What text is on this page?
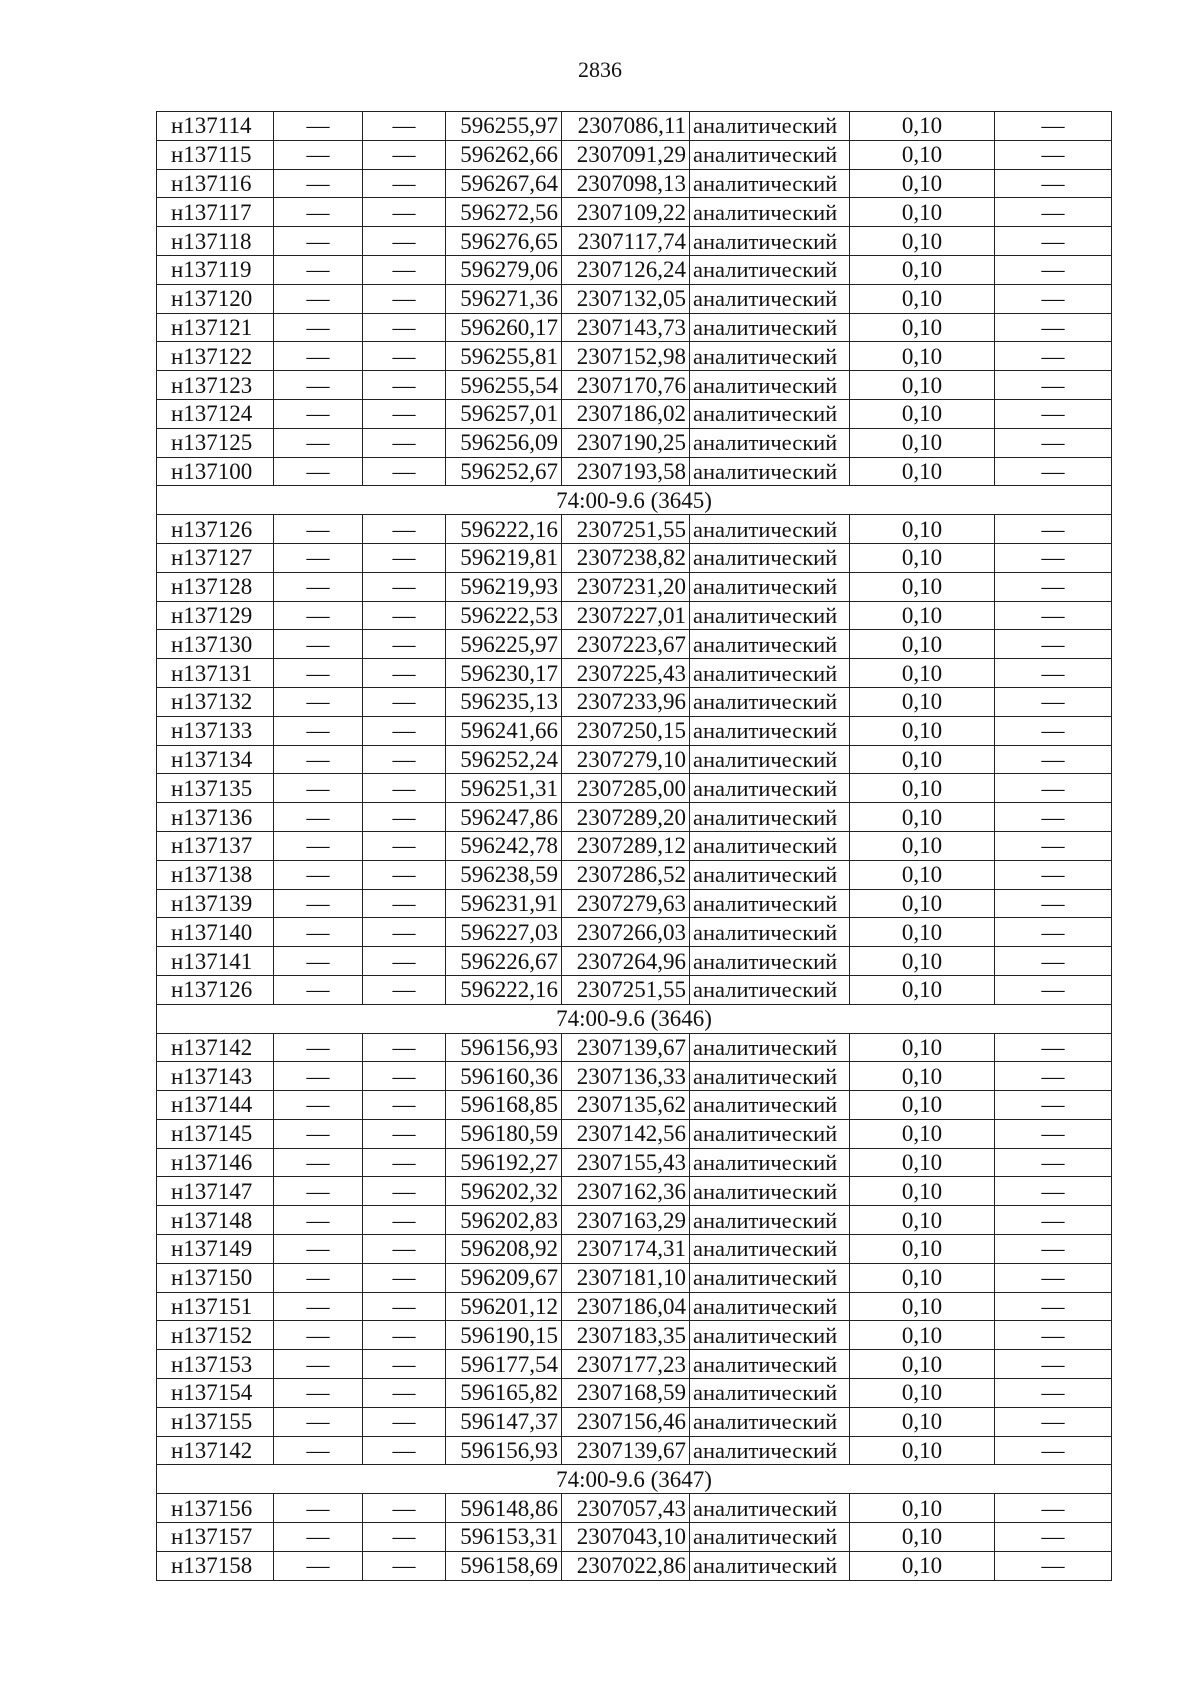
2836
н137114	—	—	596255,97	2307086,11	аналитический	0,10	—
н137115	—	—	596262,66	2307091,29	аналитический	0,10	—
н137116	—	—	596267,64	2307098,13	аналитический	0,10	—
н137117	—	—	596272,56	2307109,22	аналитический	0,10	—
н137118	—	—	596276,65	2307117,74	аналитический	0,10	—
н137119	—	—	596279,06	2307126,24	аналитический	0,10	—
н137120	—	—	596271,36	2307132,05	аналитический	0,10	—
н137121	—	—	596260,17	2307143,73	аналитический	0,10	—
н137122	—	—	596255,81	2307152,98	аналитический	0,10	—
н137123	—	—	596255,54	2307170,76	аналитический	0,10	—
н137124	—	—	596257,01	2307186,02	аналитический	0,10	—
н137125	—	—	596256,09	2307190,25	аналитический	0,10	—
н137100	—	—	596252,67	2307193,58	аналитический	0,10	—
74:00-9.6 (3645)							
н137126	—	—	596222,16	2307251,55	аналитический	0,10	—
н137127	—	—	596219,81	2307238,82	аналитический	0,10	—
н137128	—	—	596219,93	2307231,20	аналитический	0,10	—
н137129	—	—	596222,53	2307227,01	аналитический	0,10	—
н137130	—	—	596225,97	2307223,67	аналитический	0,10	—
н137131	—	—	596230,17	2307225,43	аналитический	0,10	—
н137132	—	—	596235,13	2307233,96	аналитический	0,10	—
н137133	—	—	596241,66	2307250,15	аналитический	0,10	—
н137134	—	—	596252,24	2307279,10	аналитический	0,10	—
н137135	—	—	596251,31	2307285,00	аналитический	0,10	—
н137136	—	—	596247,86	2307289,20	аналитический	0,10	—
н137137	—	—	596242,78	2307289,12	аналитический	0,10	—
н137138	—	—	596238,59	2307286,52	аналитический	0,10	—
н137139	—	—	596231,91	2307279,63	аналитический	0,10	—
н137140	—	—	596227,03	2307266,03	аналитический	0,10	—
н137141	—	—	596226,67	2307264,96	аналитический	0,10	—
н137126	—	—	596222,16	2307251,55	аналитический	0,10	—
74:00-9.6 (3646)							
н137142	—	—	596156,93	2307139,67	аналитический	0,10	—
н137143	—	—	596160,36	2307136,33	аналитический	0,10	—
н137144	—	—	596168,85	2307135,62	аналитический	0,10	—
н137145	—	—	596180,59	2307142,56	аналитический	0,10	—
н137146	—	—	596192,27	2307155,43	аналитический	0,10	—
н137147	—	—	596202,32	2307162,36	аналитический	0,10	—
н137148	—	—	596202,83	2307163,29	аналитический	0,10	—
н137149	—	—	596208,92	2307174,31	аналитический	0,10	—
н137150	—	—	596209,67	2307181,10	аналитический	0,10	—
н137151	—	—	596201,12	2307186,04	аналитический	0,10	—
н137152	—	—	596190,15	2307183,35	аналитический	0,10	—
н137153	—	—	596177,54	2307177,23	аналитический	0,10	—
н137154	—	—	596165,82	2307168,59	аналитический	0,10	—
н137155	—	—	596147,37	2307156,46	аналитический	0,10	—
н137142	—	—	596156,93	2307139,67	аналитический	0,10	—
74:00-9.6 (3647)							
н137156	—	—	596148,86	2307057,43	аналитический	0,10	—
н137157	—	—	596153,31	2307043,10	аналитический	0,10	—
н137158	—	—	596158,69	2307022,86	аналитический	0,10	—
